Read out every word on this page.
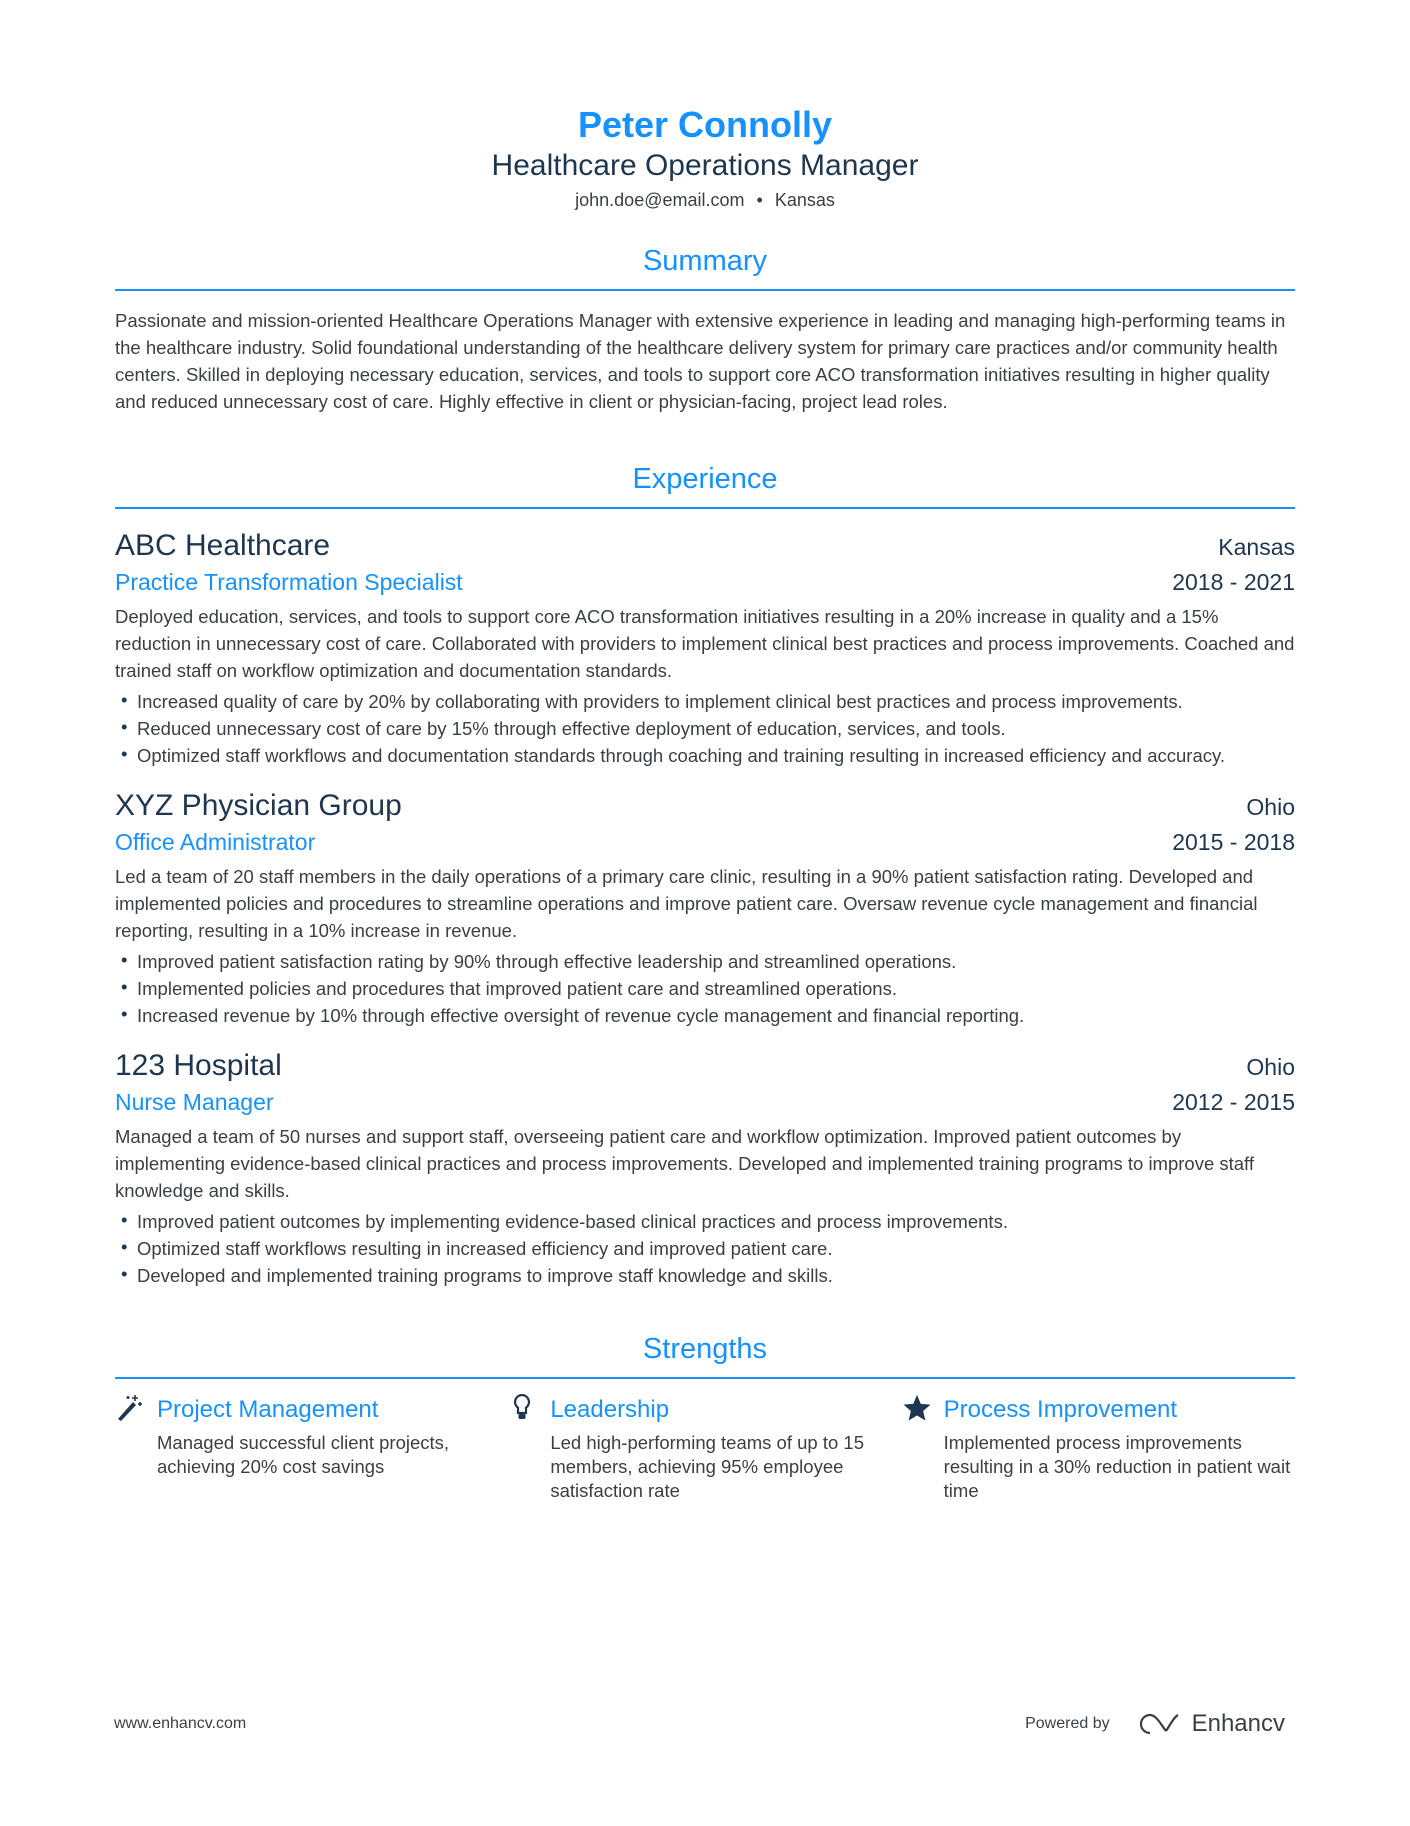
Peter Connolly
Healthcare Operations Manager
john.doe@email.com • Kansas
Summary

Passionate and mission-oriented Healthcare Operations Manager with extensive experience in leading and managing high-performing teams in the healthcare industry. Solid foundational understanding of the healthcare delivery system for primary care practices and/or community health centers. Skilled in deploying necessary education, services, and tools to support core ACO transformation initiatives resulting in higher quality and reduced unnecessary cost of care. Highly effective in client or physician-facing, project lead roles.

Experience
ABC Healthcare	Kansas
Practice Transformation Specialist	2018 - 2021

Deployed education, services, and tools to support core ACO transformation initiatives resulting in a 20% increase in quality and a 15% reduction in unnecessary cost of care. Collaborated with providers to implement clinical best practices and process improvements. Coached and trained staff on workflow optimization and documentation standards.

• Increased quality of care by 20% by collaborating with providers to implement clinical best practices and process improvements.
• Reduced unnecessary cost of care by 15% through effective deployment of education, services, and tools.
• Optimized staff workflows and documentation standards through coaching and training resulting in increased efficiency and accuracy.
XYZ Physician Group	Ohio
Office Administrator	2015 - 2018

Led a team of 20 staff members in the daily operations of a primary care clinic, resulting in a 90% patient satisfaction rating. Developed and implemented policies and procedures to streamline operations and improve patient care. Oversaw revenue cycle management and financial reporting, resulting in a 10% increase in revenue.

• Improved patient satisfaction rating by 90% through effective leadership and streamlined operations.
• Implemented policies and procedures that improved patient care and streamlined operations.
• Increased revenue by 10% through effective oversight of revenue cycle management and financial reporting.
123 Hospital	Ohio
Nurse Manager	2012 - 2015

Managed a team of 50 nurses and support staff, overseeing patient care and workflow optimization. Improved patient outcomes by implementing evidence-based clinical practices and process improvements. Developed and implemented training programs to improve staff knowledge and skills.

• Improved patient outcomes by implementing evidence-based clinical practices and process improvements.
• Optimized staff workflows resulting in increased efficiency and improved patient care.
• Developed and implemented training programs to improve staff knowledge and skills.
Strengths
Project Management

Managed successful client projects, achieving 20% cost savings

Leadership

Led high-performing teams of up to 15 members, achieving 95% employee satisfaction rate

Process Improvement

Implemented process improvements resulting in a 30% reduction in patient wait time

www.enhancv.com	Powered by	Enhancv
